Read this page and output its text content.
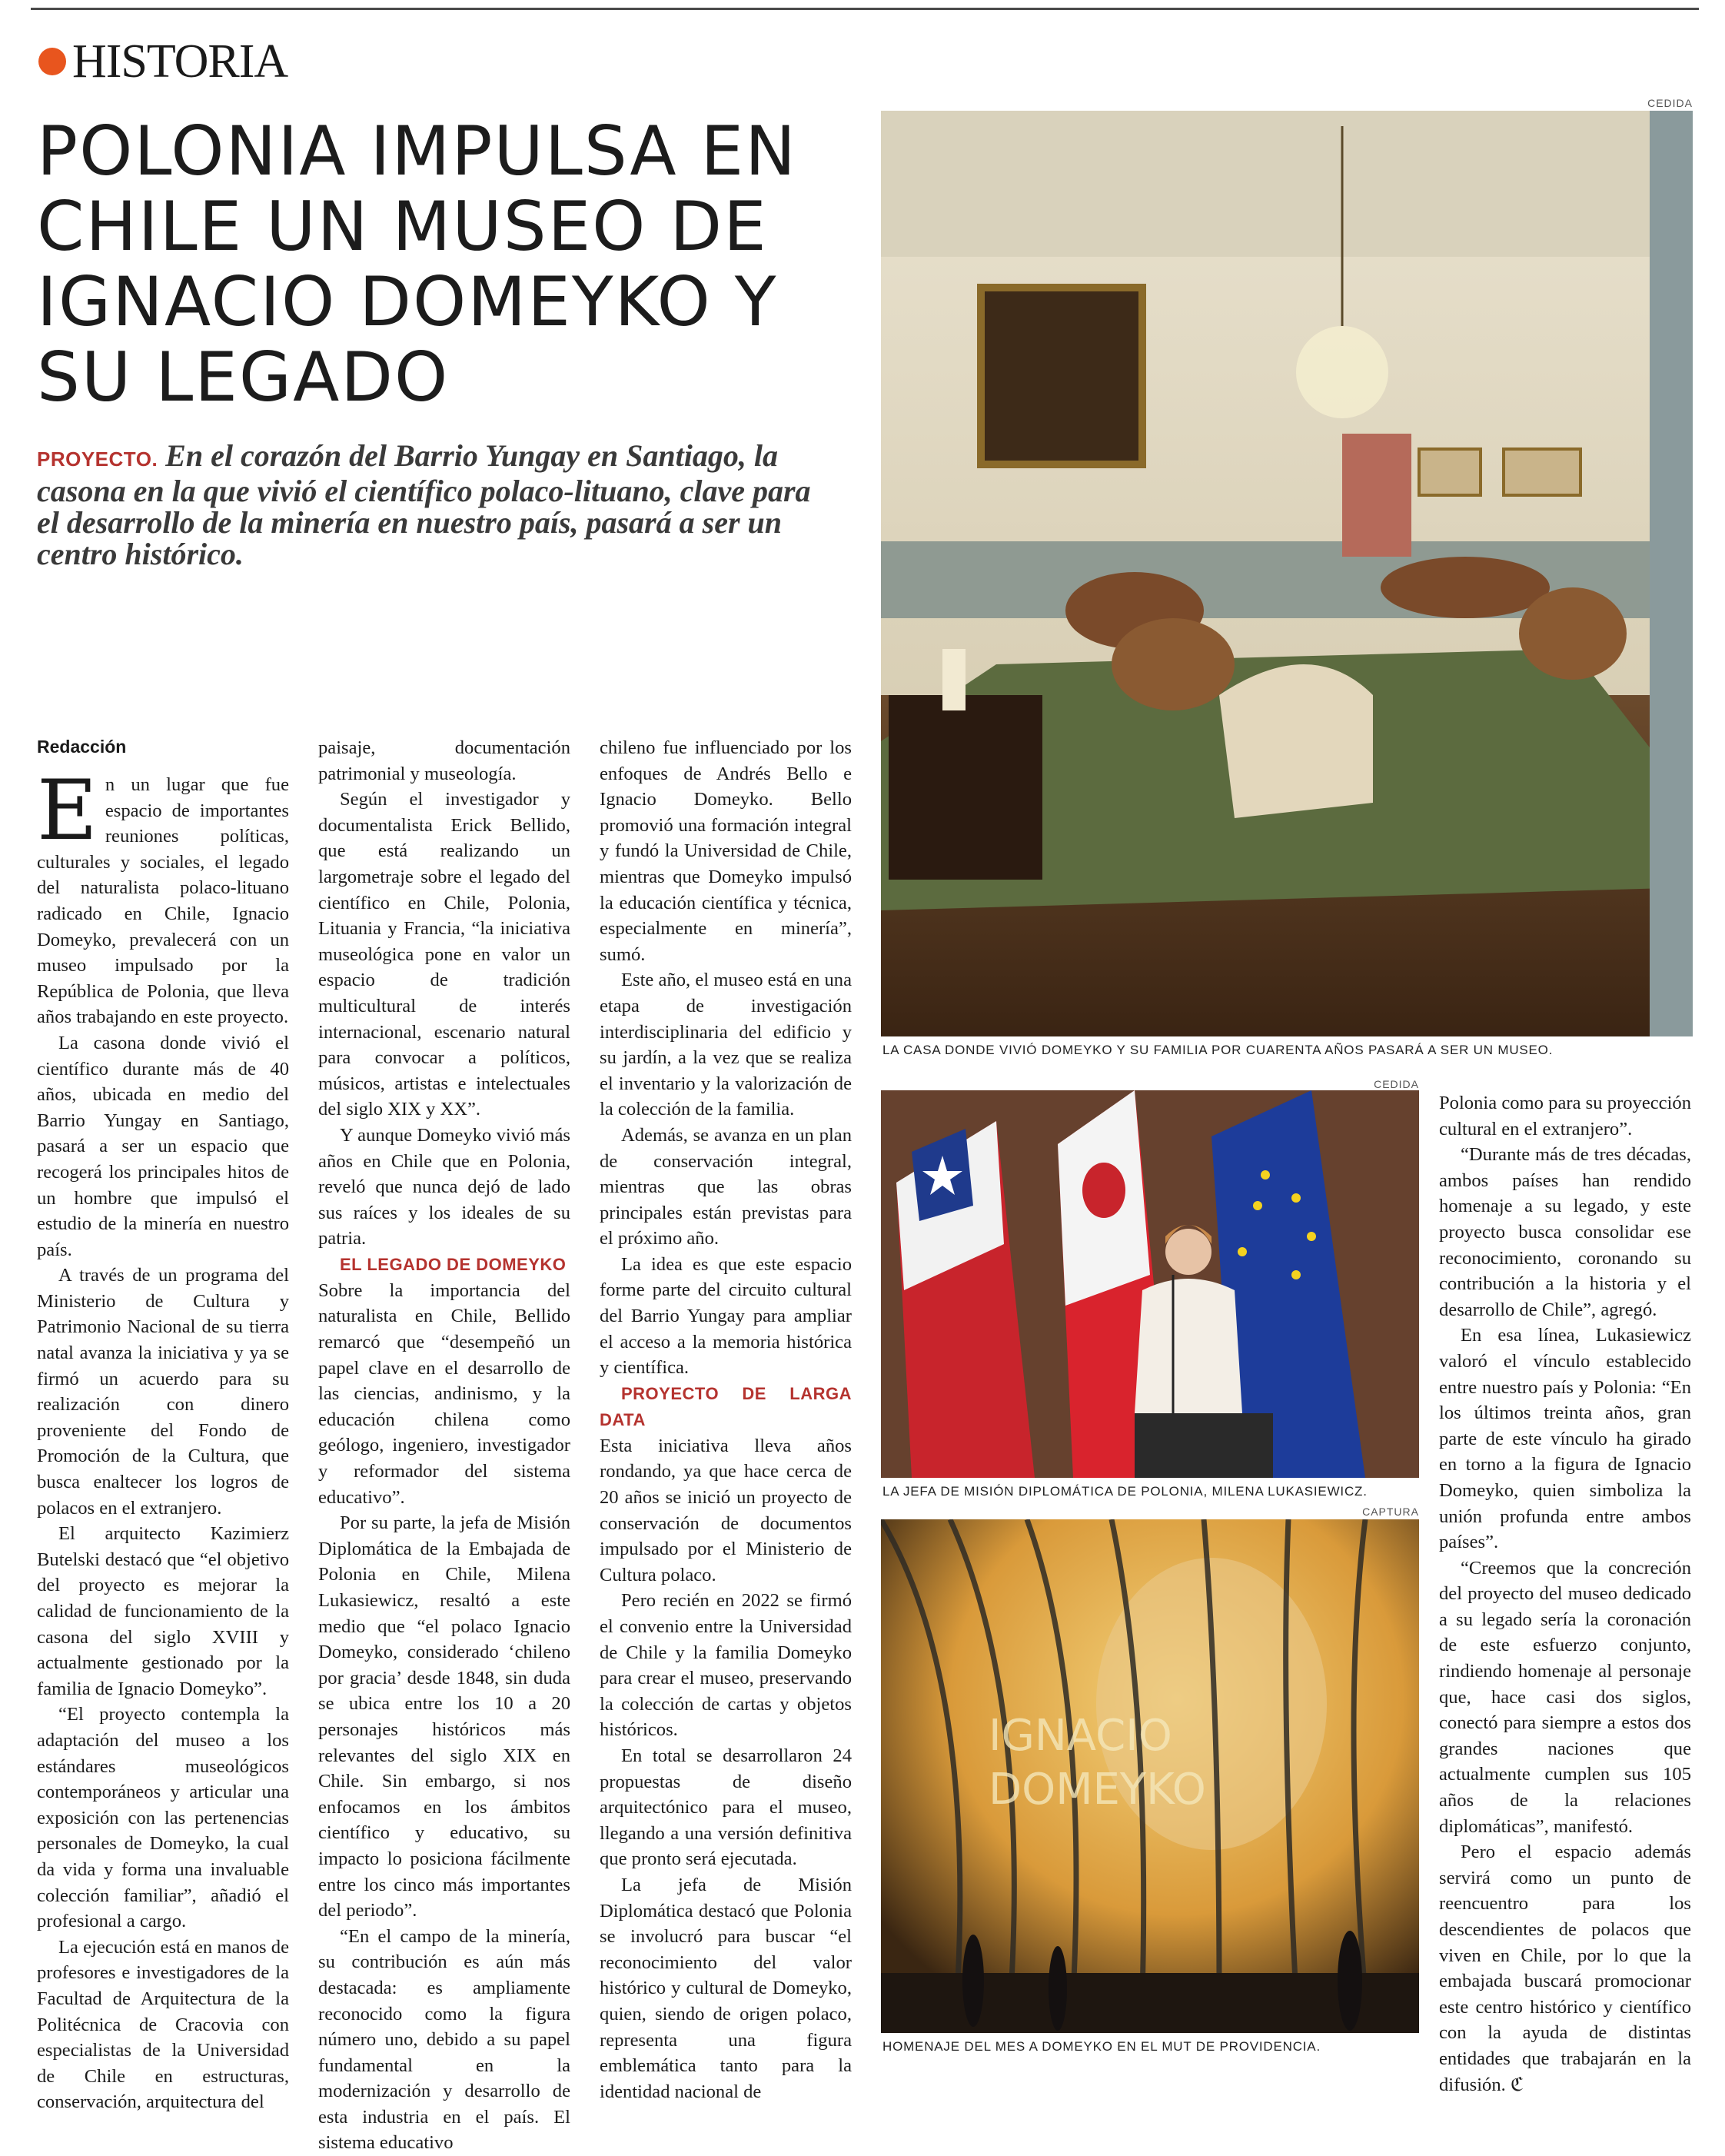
HISTORIA
POLONIA IMPULSA EN CHILE UN MUSEO DE IGNACIO DOMEYKO Y SU LEGADO

PROYECTO. En el corazón del Barrio Yungay en Santiago, la casona en la que vivió el científico polaco-lituano, clave para el desarrollo de la minería en nuestro país, pasará a ser un centro histórico.

Redacción

En un lugar que fue espacio de importantes reuniones políticas, culturales y sociales, el legado del naturalista polaco-lituano radicado en Chile, Ignacio Domeyko, prevalecerá con un museo impulsado por la República de Polonia, que lleva años trabajando en este proyecto.

La casona donde vivió el científico durante más de 40 años, ubicada en medio del Barrio Yungay en Santiago, pasará a ser un espacio que recogerá los principales hitos de un hombre que impulsó el estudio de la minería en nuestro país.

A través de un programa del Ministerio de Cultura y Patrimonio Nacional de su tierra natal avanza la iniciativa y ya se firmó un acuerdo para su realización con dinero proveniente del Fondo de Promoción de la Cultura, que busca enaltecer los logros de polacos en el extranjero.

El arquitecto Kazimierz Butelski destacó que “el objetivo del proyecto es mejorar la calidad de funcionamiento de la casona del siglo XVIII y actualmente gestionado por la familia de Ignacio Domeyko”.

“El proyecto contempla la adaptación del museo a los estándares museológicos contemporáneos y articular una exposición con las pertenencias personales de Domeyko, la cual da vida y forma una invaluable colección familiar”, añadió el profesional a cargo.

La ejecución está en manos de profesores e investigadores de la Facultad de Arquitectura de la Politécnica de Cracovia con especialistas de la Universidad de Chile en estructuras, conservación, arquitectura del

paisaje, documentación patrimonial y museología.

Según el investigador y documentalista Erick Bellido, que está realizando un largometraje sobre el legado del científico en Chile, Polonia, Lituania y Francia, “la iniciativa museológica pone en valor un espacio de tradición multicultural de interés internacional, escenario natural para convocar a políticos, músicos, artistas e intelectuales del siglo XIX y XX”.

Y aunque Domeyko vivió más años en Chile que en Polonia, reveló que nunca dejó de lado sus raíces y los ideales de su patria.

EL LEGADO DE DOMEYKO

Sobre la importancia del naturalista en Chile, Bellido remarcó que “desempeñó un papel clave en el desarrollo de las ciencias, andinismo, y la educación chilena como geólogo, ingeniero, investigador y reformador del sistema educativo”.

Por su parte, la jefa de Misión Diplomática de la Embajada de Polonia en Chile, Milena Lukasiewicz, resaltó a este medio que “el polaco Ignacio Domeyko, considerado ‘chileno por gracia’ desde 1848, sin duda se ubica entre los 10 a 20 personajes históricos más relevantes del siglo XIX en Chile. Sin embargo, si nos enfocamos en los ámbitos científico y educativo, su impacto lo posiciona fácilmente entre los cinco más importantes del periodo”.

“En el campo de la minería, su contribución es aún más destacada: es ampliamente reconocido como la figura número uno, debido a su papel fundamental en la modernización y desarrollo de esta industria en el país. El sistema educativo

chileno fue influenciado por los enfoques de Andrés Bello e Ignacio Domeyko. Bello promovió una formación integral y fundó la Universidad de Chile, mientras que Domeyko impulsó la educación científica y técnica, especialmente en minería”, sumó.

Este año, el museo está en una etapa de investigación interdisciplinaria del edificio y su jardín, a la vez que se realiza el inventario y la valorización de la colección de la familia.

Además, se avanza en un plan de conservación integral, mientras que las obras principales están previstas para el próximo año.

La idea es que este espacio forme parte del circuito cultural del Barrio Yungay para ampliar el acceso a la memoria histórica y científica.

PROYECTO DE LARGA DATA

Esta iniciativa lleva años rondando, ya que hace cerca de 20 años se inició un proyecto de conservación de documentos impulsado por el Ministerio de Cultura polaco.

Pero recién en 2022 se firmó el convenio entre la Universidad de Chile y la familia Domeyko para crear el museo, preservando la colección de cartas y objetos históricos.

En total se desarrollaron 24 propuestas de diseño arquitectónico para el museo, llegando a una versión definitiva que pronto será ejecutada.

La jefa de Misión Diplomática destacó que Polonia se involucró para buscar “el reconocimiento del valor histórico y cultural de Domeyko, quien, siendo de origen polaco, representa una figura emblemática tanto para la identidad nacional de

Polonia como para su proyección cultural en el extranjero”.

“Durante más de tres décadas, ambos países han rendido homenaje a su legado, y este proyecto busca consolidar ese reconocimiento, coronando su contribución a la historia y el desarrollo de Chile”, agregó.

En esa línea, Lukasiewicz valoró el vínculo establecido entre nuestro país y Polonia: “En los últimos treinta años, gran parte de este vínculo ha girado en torno a la figura de Ignacio Domeyko, quien simboliza la unión profunda entre ambos países”.

“Creemos que la concreción del proyecto del museo dedicado a su legado sería la coronación de este esfuerzo conjunto, rindiendo homenaje al personaje que, hace casi dos siglos, conectó para siempre a estos dos grandes naciones que actualmente cumplen sus 105 años de la relaciones diplomáticas”, manifestó.

Pero el espacio además servirá como un punto de reencuentro para los descendientes de polacos que viven en Chile, por lo que la embajada buscará promocionar este centro histórico y científico con la ayuda de distintas entidades que trabajarán en la difusión. ℭ

CEDIDA
LA CASA DONDE VIVIÓ DOMEYKO Y SU FAMILIA POR CUARENTA AÑOS PASARÁ A SER UN MUSEO.
CEDIDA
LA JEFA DE MISIÓN DIPLOMÁTICA DE POLONIA, MILENA LUKASIEWICZ.
CAPTURA
IGNACIO
DOMEYKO
HOMENAJE DEL MES A DOMEYKO EN EL MUT DE PROVIDENCIA.
